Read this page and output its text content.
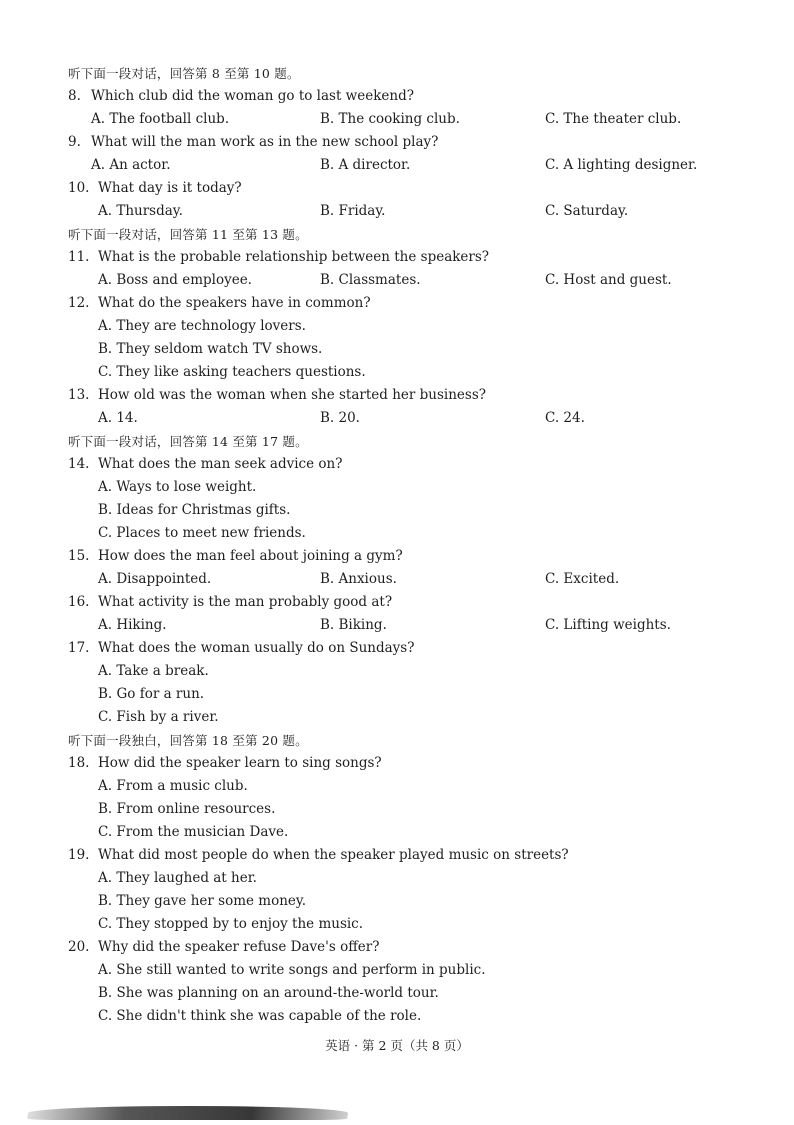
听下面一段对话，回答第 8 至第 10 题。
8. Which club did the woman go to last weekend?
A. The football club.	B. The cooking club.	C. The theater club.
9. What will the man work as in the new school play?
A. An actor.	B. A director.	C. A lighting designer.
10. What day is it today?
A. Thursday.	B. Friday.	C. Saturday.
听下面一段对话，回答第 11 至第 13 题。
11. What is the probable relationship between the speakers?
A. Boss and employee.	B. Classmates.	C. Host and guest.
12. What do the speakers have in common?
A. They are technology lovers.
B. They seldom watch TV shows.
C. They like asking teachers questions.
13. How old was the woman when she started her business?
A. 14.	B. 20.	C. 24.
听下面一段对话，回答第 14 至第 17 题。
14. What does the man seek advice on?
A. Ways to lose weight.
B. Ideas for Christmas gifts.
C. Places to meet new friends.
15. How does the man feel about joining a gym?
A. Disappointed.	B. Anxious.	C. Excited.
16. What activity is the man probably good at?
A. Hiking.	B. Biking.	C. Lifting weights.
17. What does the woman usually do on Sundays?
A. Take a break.
B. Go for a run.
C. Fish by a river.
听下面一段独白，回答第 18 至第 20 题。
18. How did the speaker learn to sing songs?
A. From a music club.
B. From online resources.
C. From the musician Dave.
19. What did most people do when the speaker played music on streets?
A. They laughed at her.
B. They gave her some money.
C. They stopped by to enjoy the music.
20. Why did the speaker refuse Dave's offer?
A. She still wanted to write songs and perform in public.
B. She was planning on an around-the-world tour.
C. She didn't think she was capable of the role.
英语 · 第 2 页（共 8 页）
